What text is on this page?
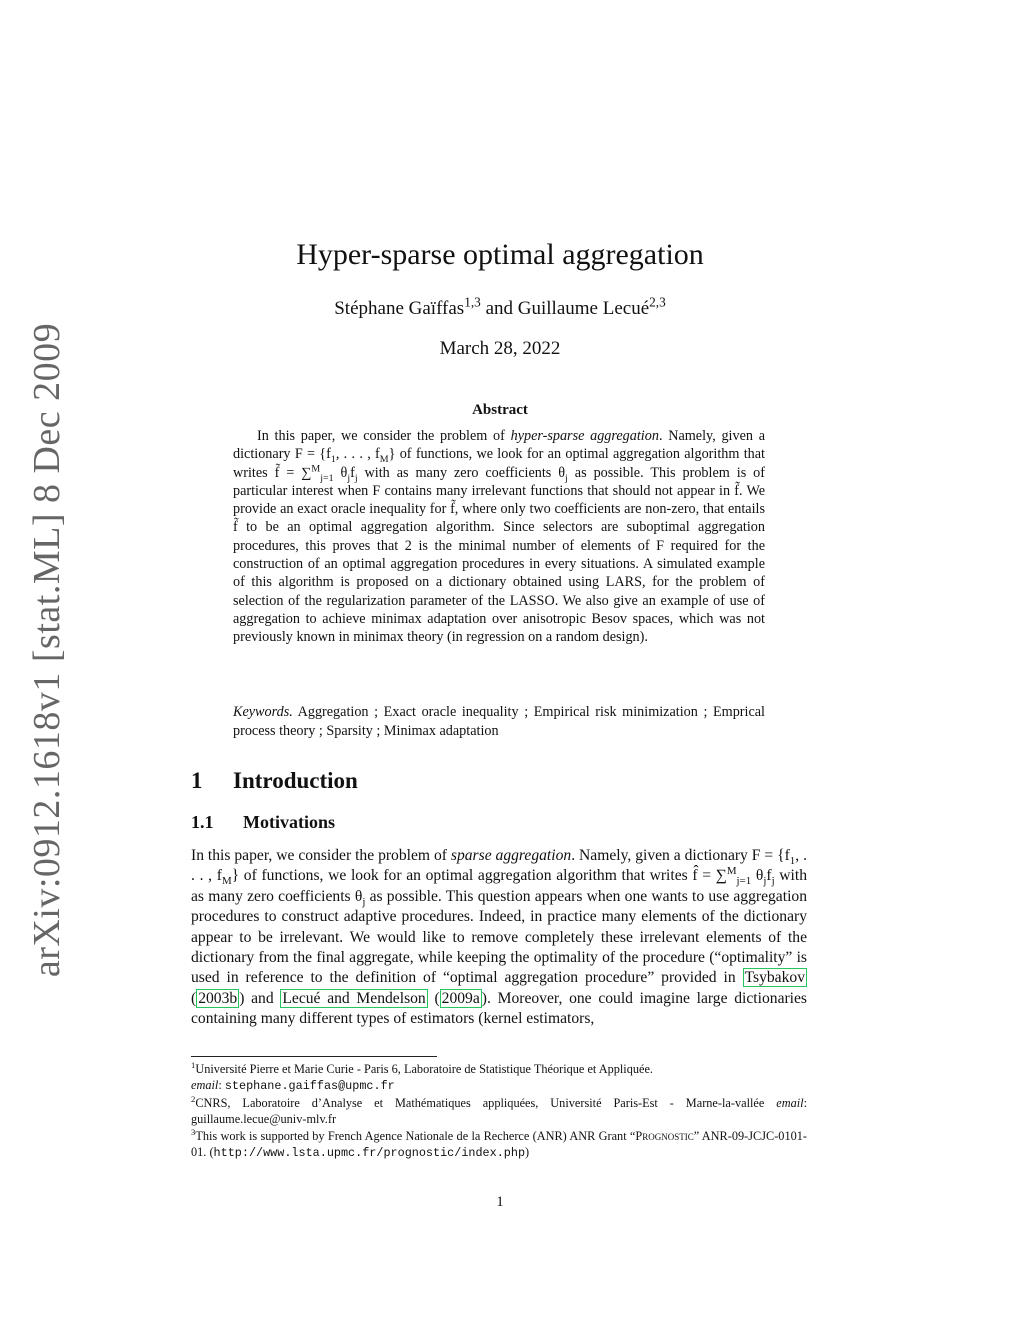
arXiv:0912.1618v1 [stat.ML] 8 Dec 2009
Hyper-sparse optimal aggregation
Stéphane Gaïffas$^{1,3}$ and Guillaume Lecué$^{2,3}$
March 28, 2022
Abstract

In this paper, we consider the problem of hyper-sparse aggregation. Namely, given a dictionary $F = \{f_1$, . . . , $f_M$} of functions, we look for an optimal aggregation algorithm that writes f̃ = ∑$^M_{j=1}$ $\theta_jf_j$ with as many zero coefficients $\theta_j$ as possible. This problem is of particular interest when F contains many irrelevant functions that should not appear in f̃. We provide an exact oracle inequality for f̃, where only two coefficients are non-zero, that entails f̃ to be an optimal aggregation algorithm. Since selectors are suboptimal aggregation procedures, this proves that 2 is the minimal number of elements of F required for the construction of an optimal aggregation procedures in every situations. A simulated example of this algorithm is proposed on a dictionary obtained using LARS, for the problem of selection of the regularization parameter of the LASSO. We also give an example of use of aggregation to achieve minimax adaptation over anisotropic Besov spaces, which was not previously known in minimax theory (in regression on a random design).

Keywords. Aggregation ; Exact oracle inequality ; Empirical risk minimization ; Emprical process theory ; Sparsity ; Minimax adaptation
1 Introduction
1.1 Motivations

In this paper, we consider the problem of sparse aggregation. Namely, given a dictionary $F = \{f_1$, . . . , $f_M$} of functions, we look for an optimal aggregation algorithm that writes f̂ = ∑$^M_{j=1}$ $\theta_jf_j$ with as many zero coefficients $\theta_j$ as possible. This question appears when one wants to use aggregation procedures to construct adaptive procedures. Indeed, in practice many elements of the dictionary appear to be irrelevant. We would like to remove completely these irrelevant elements of the dictionary from the final aggregate, while keeping the optimality of the procedure (“optimality” is used in reference to the definition of “optimal aggregation procedure” provided in Tsybakov ( 2003b ) and Lecué and Mendelson ( 2009a ). Moreover, one could imagine large dictionaries containing many different types of estimators (kernel estimators,

$^1$Université Pierre et Marie Curie - Paris 6, Laboratoire de Statistique Théorique et Appliquée.
email: stephane.gaiffas@upmc.fr

$^2$CNRS, Laboratoire d’Analyse et Mathématiques appliquées, Université Paris-Est - Marne-la-vallée email: guillaume.lecue@univ-mlv.fr

$^3$This work is supported by French Agence Nationale de la Recherce (ANR) ANR Grant “Prognostic” ANR-09-JCJC-0101-01. (http://www.lsta.upmc.fr/prognostic/index.php)

1
